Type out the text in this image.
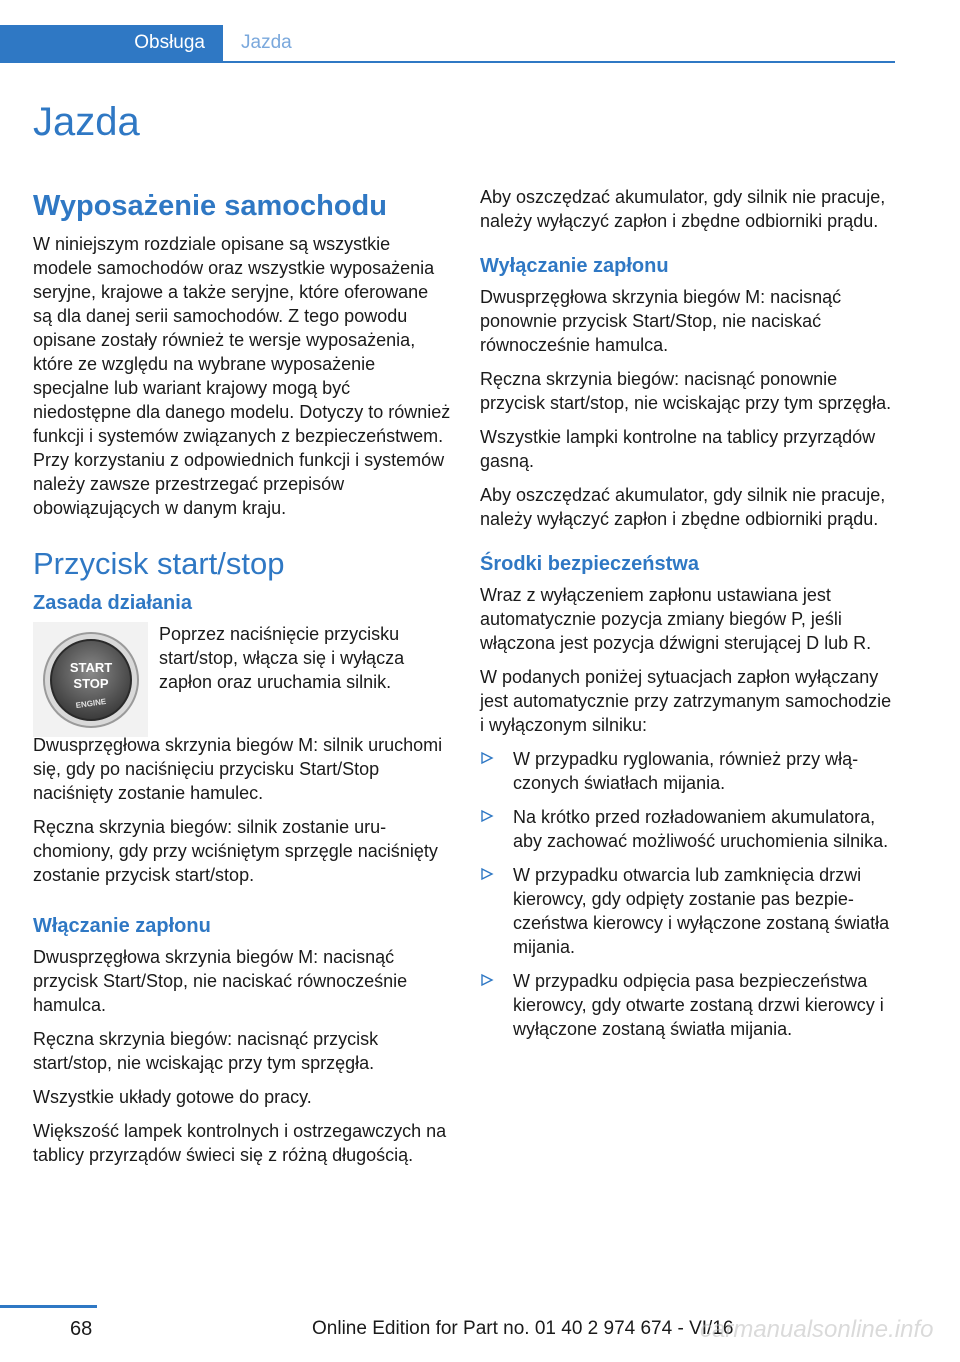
Obsługa	Jazda
Jazda
Wyposażenie samochodu

W niniejszym rozdziale opisane są wszystkie modele samochodów oraz wszystkie wyposażenia seryjne, krajowe a także seryjne, które oferowane są dla danej serii samochodów. Z tego powodu opisane zostały również te wersje wyposażenia, które ze względu na wybrane wyposażenie specjalne lub wariant krajowy mogą być niedostępne dla danego modelu. Dotyczy to również funkcji i systemów związanych z bezpieczeństwem. Przy korzystaniu z odpowiednich funkcji i systemów należy zawsze przestrzegać przepisów obowiązujących w danym kraju.

Przycisk start/stop
Zasada działania
START
STOP
ENGINE

Poprzez naciśnięcie przycisku start/stop, włącza się i wyłącza zapłon oraz uruchamia silnik.

Dwusprzęgłowa skrzynia biegów M: silnik uruchomi się, gdy po naciśnięciu przycisku Start/Stop naciśnięty zostanie hamulec.

Ręczna skrzynia biegów: silnik zostanie uruchomiony, gdy przy wciśniętym sprzęgle naciśnięty zostanie przycisk start/stop.

Włączanie zapłonu

Dwusprzęgłowa skrzynia biegów M: nacisnąć przycisk Start/Stop, nie naciskać równocześnie hamulca.

Ręczna skrzynia biegów: nacisnąć przycisk start/stop, nie wciskając przy tym sprzęgła.

Wszystkie układy gotowe do pracy.

Większość lampek kontrolnych i ostrzegawczych na tablicy przyrządów świeci się z różną długością.

Aby oszczędzać akumulator, gdy silnik nie pracuje, należy wyłączyć zapłon i zbędne odbiorniki prądu.

Wyłączanie zapłonu

Dwusprzęgłowa skrzynia biegów M: nacisnąć ponownie przycisk Start/Stop, nie naciskać równocześnie hamulca.

Ręczna skrzynia biegów: nacisnąć ponownie przycisk start/stop, nie wciskając przy tym sprzęgła.

Wszystkie lampki kontrolne na tablicy przyrządów gasną.

Aby oszczędzać akumulator, gdy silnik nie pracuje, należy wyłączyć zapłon i zbędne odbiorniki prądu.

Środki bezpieczeństwa

Wraz z wyłączeniem zapłonu ustawiana jest automatycznie pozycja zmiany biegów P, jeśli włączona jest pozycja dźwigni sterującej D lub R.

W podanych poniżej sytuacjach zapłon wyłączany jest automatycznie przy zatrzymanym samochodzie i wyłączonym silniku:

W przypadku ryglowania, również przy włączonych światłach mijania.
Na krótko przed rozładowaniem akumulatora, aby zachować możliwość uruchomienia silnika.
W przypadku otwarcia lub zamknięcia drzwi kierowcy, gdy odpięty zostanie pas bezpieczeństwa kierowcy i wyłączone zostaną światła mijania.
W przypadku odpięcia pasa bezpieczeństwa kierowcy, gdy otwarte zostaną drzwi kierowcy i wyłączone zostaną światła mijania.
68	Online Edition for Part no. 01 40 2 974 674 - VI/16
carmanualsonline.info
